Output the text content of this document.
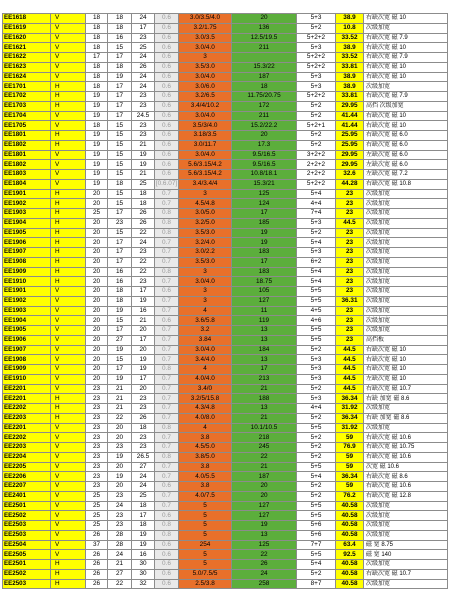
EE1618	V	18	18	24	0.6	3.0/3.5/4.0	20	5+3	38.9	右缺次宽 磁 10
EE1619	V	18	18	17	0.6	3.2/1.75	136	5+2	10.8	次级加宽
EE1620	V	18	16	23	0.6	3.0/3.5	12.5/19.5	5+2+2	33.52	右缺次宽 磁 7.9
EE1621	V	18	15	25	0.6	3.0/4.0	211	5+3	38.9	右缺次宽 磁 10
EE1622	V	17	17	24	0.6	3		5+2+2	33.52	右缺次宽 磁 7.9
EE1623	V	18	18	26	0.6	3.5/3.0	15.3/22	5+2+2	33.81	右缺次宽 磁 10
EE1624	V	18	19	24	0.6	3.0/4.0	187	5+3	38.9	右缺次宽 磁 10
EE1701	H	18	17	24	0.6	3.0/6.0	18	5+3	38.9	次级加宽
EE1702	H	19	17	23	0.6	3.2/6.5	11.75/20.75	5+2+2	33.81	右缺次宽 磁 7.9
EE1703	H	19	17	23	0.6	3.4/4/10.2	172	5+2	29.95	高挡 次级加宽
EE1704	V	19	17	24.5	0.6	3.0/4.0	211	5+2	41.44	右缺次宽 磁 10
EE1705	V	18	15	23	0.6	3.5/3/4.0	15.2/22.2	5+2+1	41.44	右缺次宽 磁 10
EE1801	H	19	15	23	0.6	3.18/3.5	20	5+2	25.95	右缺次宽 磁 6.0
EE1802	H	19	15	21	0.6	3.0/11.7	17.3	5+2	25.95	右缺次宽 磁 6.0
EE1801	V	19	15	19	0.6	3.0/4.0	9.5/16.5	3+2+2	29.95	左缺次宽 磁 6.0
EE1802	V	19	15	19	0.6	5.6/3.15/4.2	9.5/16.5	2+2+2	29.95	左缺次宽 磁 6.0
EE1803	V	19	15	21	0.6	5.6/3.15/4.2	10.8/18.1	2+2+2	32.6	左缺次宽 磁 7.2
EE1804	V	19	18	25	[0.6.07]	3.4/3.4/4	15.3/21	5+2+2	44.28	右缺次宽 磁 10.8
EE1901	H	20	15	18	0.7	3	125	5+4	23	次级加宽
EE1902	H	20	15	18	0.7	4.5/4.8	124	4+4	23	次级加宽
EE1903	H	25	17	26	0.8	3.0/5.0	17	7+4	23	次级加宽
EE1904	H	20	23	26	0.8	3.2/5.0	185	5+3	44.5	次级加宽
EE1905	H	20	15	22	0.8	3.5/3.0	19	5+2	23	次级加宽
EE1906	H	20	17	24	0.7	3.2/4.0	19	5+4	23	次级加宽
EE1907	H	20	17	23	0.7	3.0/2.2	183	5+3	23	次级加宽
EE1908	H	20	17	22	0.7	3.5/3.0	17	6+2	23	次级加宽
EE1909	H	20	16	22	0.8	3	183	5+4	23	次级加宽
EE1910	H	20	16	23	0.7	3.0/4.0	18.75	5+4	23	次级加宽
EE1901	V	20	18	17	0.6	3	105	5+5	23	次级加宽
EE1902	V	20	18	19	0.7	3	127	5+5	36.31	次级加宽
EE1903	V	20	19	16	0.7	4	11	4+5	23	次级加宽
EE1904	V	20	15	21	0.6	3.6/5.8	119	4+6	23	次级加宽
EE1905	V	20	17	20	0.7	3.2	13	5+5	23	次级加宽
EE1906	V	20	27	17	0.7	3.84	13	5+5	23	高挡板
EE1907	V	20	19	20	0.7	3.0/4.0	184	5+2	44.5	右缺次宽 磁 10
EE1908	V	20	15	19	0.7	3.4/4.0	13	5+3	44.5	右缺次宽 磁 10
EE1909	V	20	17	19	0.8	4	17	5+3	44.5	右缺次宽 磁 10
EE1910	V	20	19	17	0.7	4.0/4.0	213	5+3	44.5	左缺次宽 磁 10
EE2201	V	23	21	20	0.7	3.4/0	21	5+2	44.5	右缺次宽 磁 10.7
EE2201	H	23	21	23	0.7	3.2/5/15.8	188	5+3	36.34	右缺 加宽 磁 8.6
EE2202	H	23	21	23	0.7	4.3/4.8	13	4+4	31.92	次级加宽
EE2203	H	23	22	26	0.7	4.0/8.0	21	5+2	36.34	右缺 加宽 磁 8.6
EE2201	V	23	20	18	0.8	4	10.1/10.5	5+5	31.92	次级加宽
EE2202	V	23	20	23	0.7	3.8	218	5+2	59	右缺次宽 磁 10.6
EE2203	V	23	23	23	0.7	4.5/5.0	245	5+2	76.9	右缺次宽 磁 10.75
EE2204	V	23	19	26.5	0.8	3.8/5.0	22	5+2	59	右缺次宽 磁 10.6
EE2205	V	23	20	27	0.7	3.8	21	5+5	59	次宽 磁 10.6
EE2206	V	23	19	24	0.7	4.0/5.5	187	5+4	36.34	右缺次宽 磁 8.6
EE2207	V	23	20	24	0.6	3.8	20	5+2	59	右缺次宽 磁 10.6
EE2401	V	25	23	25	0.7	4.0/7.5	20	5+2	76.2	右缺次宽 磁 12.8
EE2501	V	25	24	18	0.7	5	127	5+5	40.58	次级加宽
EE2502	V	25	23	17	0.6	5	127	5+5	40.58	次级加宽
EE2503	V	25	23	18	0.8	5	19	5+6	40.58	次级加宽
EE2503	V	26	28	19	0.8	5	13	5+6	40.58	次级加宽
EE2504	V	37	28	19	0.6	254	125	7+7	63.4	磁 宽 8.75
EE2505	V	26	24	16	0.6	5	22	5+5	92.5	磁 宽 140
EE2501	H	26	21	30	0.6	5	26	5+4	40.58	次级加宽
EE2502	H	26	27	30	0.6	5.0/7.5/5	24	5+2	40.58	右缺次宽 磁 10.7
EE2503	H	26	22	32	0.6	2.5/3.8	258	8+7	40.58	次级加宽
